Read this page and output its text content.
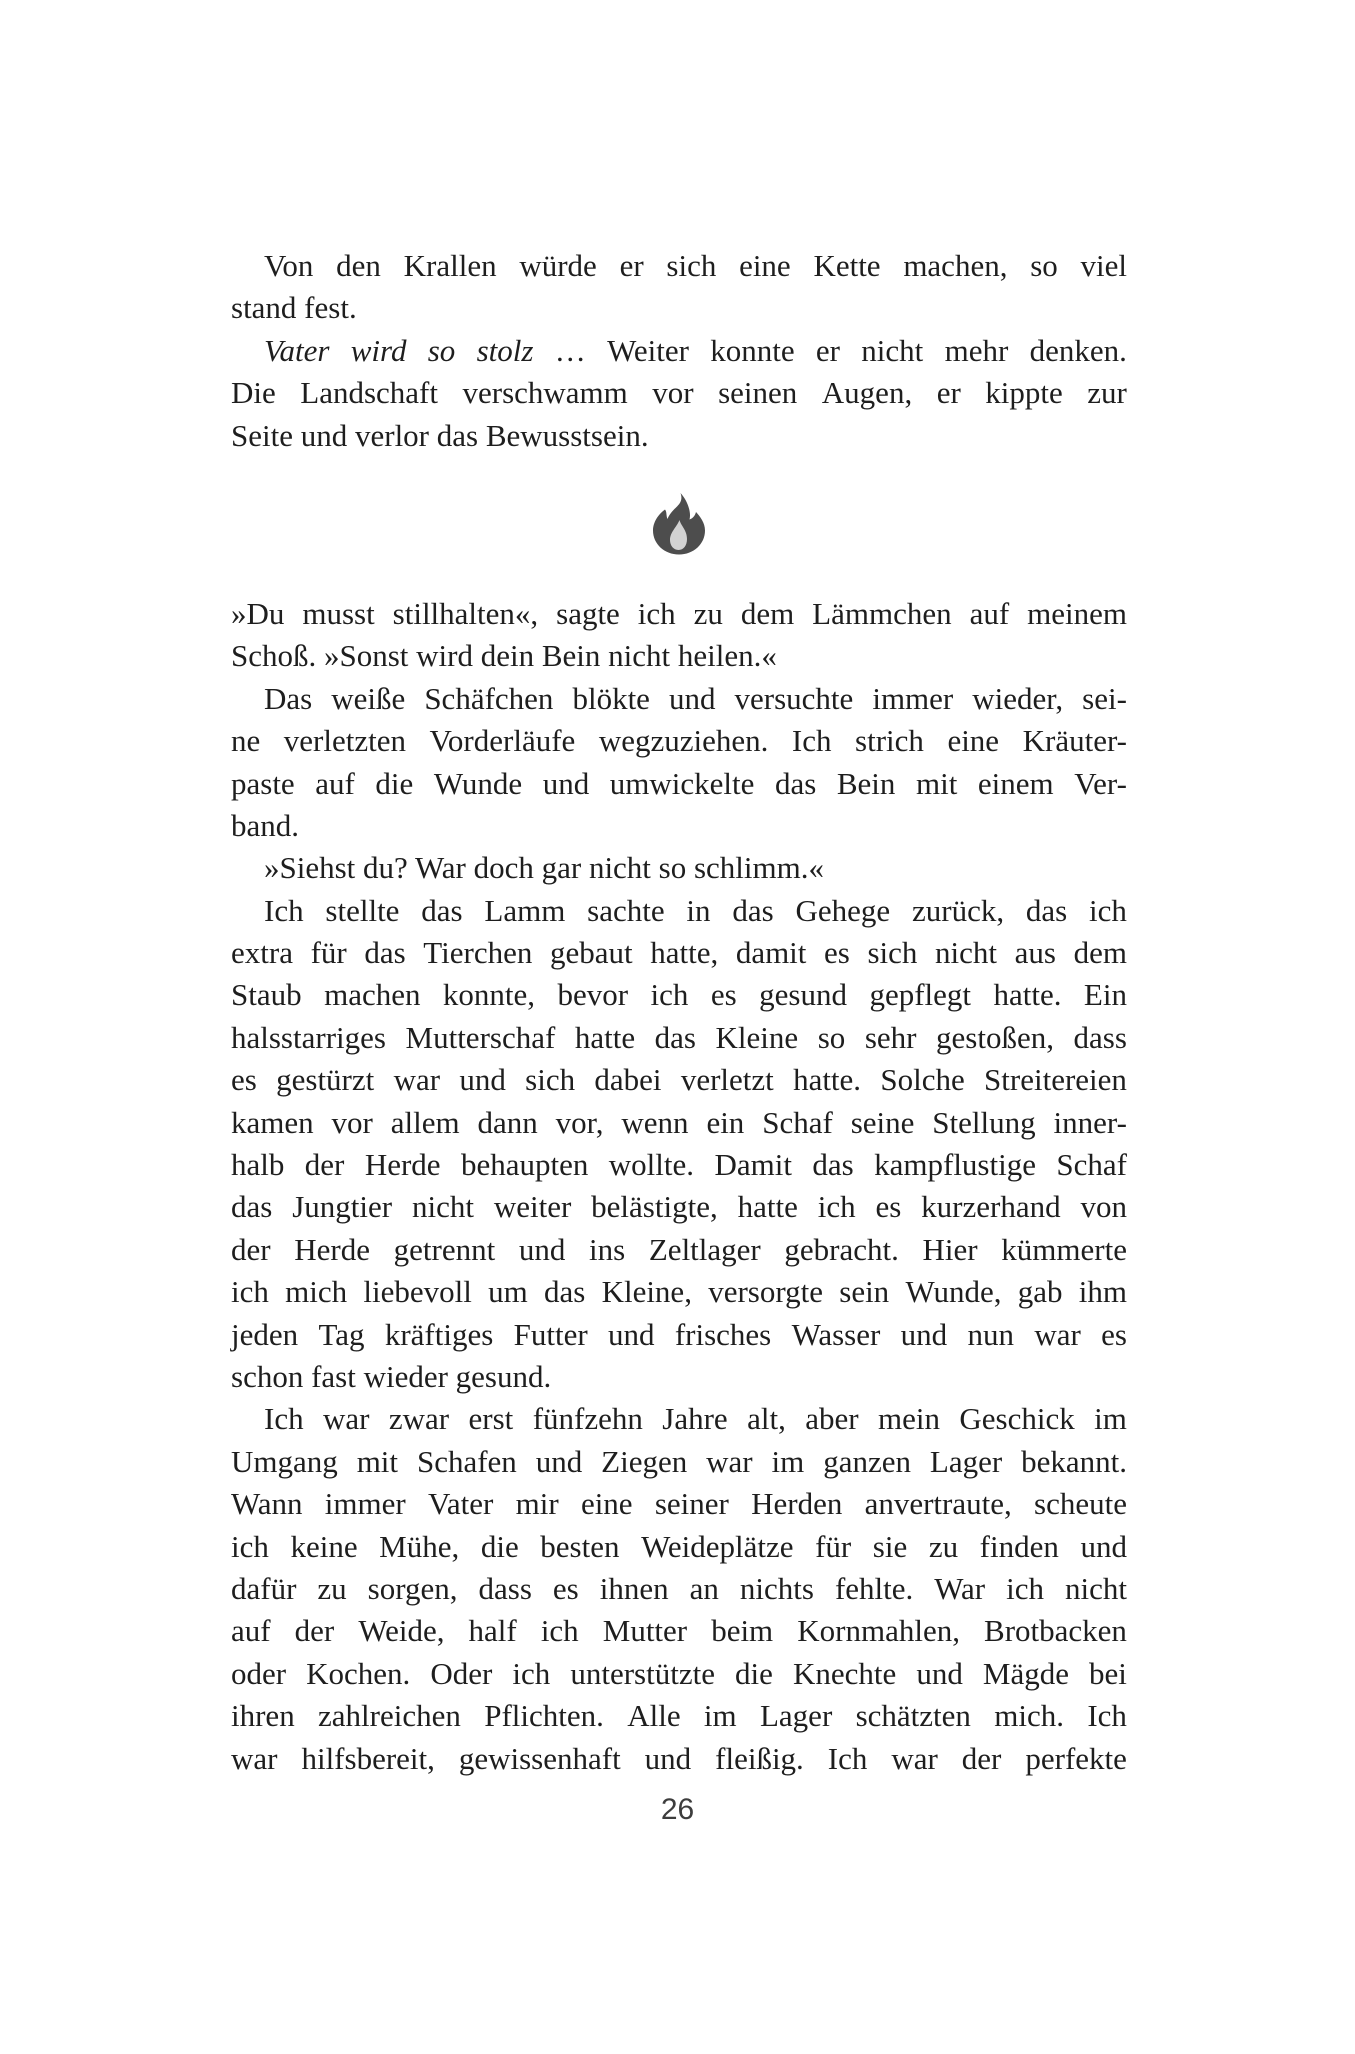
Von den Krallen würde er sich eine Kette machen, so viel
stand fest.
Vater wird so stolz … Weiter konnte er nicht mehr denken.
Die Landschaft verschwamm vor seinen Augen, er kippte zur
Seite und verlor das Bewusstsein.
»Du musst stillhalten«, sagte ich zu dem Lämmchen auf meinem
Schoß. »Sonst wird dein Bein nicht heilen.«
Das weiße Schäfchen blökte und versuchte immer wieder, sei-
ne verletzten Vorderläufe wegzuziehen. Ich strich eine Kräuter-
paste auf die Wunde und umwickelte das Bein mit einem Ver-
band.
»Siehst du? War doch gar nicht so schlimm.«
Ich stellte das Lamm sachte in das Gehege zurück, das ich
extra für das Tierchen gebaut hatte, damit es sich nicht aus dem
Staub machen konnte, bevor ich es gesund gepflegt hatte. Ein
halsstarriges Mutterschaf hatte das Kleine so sehr gestoßen, dass
es gestürzt war und sich dabei verletzt hatte. Solche Streitereien
kamen vor allem dann vor, wenn ein Schaf seine Stellung inner-
halb der Herde behaupten wollte. Damit das kampflustige Schaf
das Jungtier nicht weiter belästigte, hatte ich es kurzerhand von
der Herde getrennt und ins Zeltlager gebracht. Hier kümmerte
ich mich liebevoll um das Kleine, versorgte sein Wunde, gab ihm
jeden Tag kräftiges Futter und frisches Wasser und nun war es
schon fast wieder gesund.
Ich war zwar erst fünfzehn Jahre alt, aber mein Geschick im
Umgang mit Schafen und Ziegen war im ganzen Lager bekannt.
Wann immer Vater mir eine seiner Herden anvertraute, scheute
ich keine Mühe, die besten Weideplätze für sie zu finden und
dafür zu sorgen, dass es ihnen an nichts fehlte. War ich nicht
auf der Weide, half ich Mutter beim Kornmahlen, Brotbacken
oder Kochen. Oder ich unterstützte die Knechte und Mägde bei
ihren zahlreichen Pflichten. Alle im Lager schätzten mich. Ich
war hilfsbereit, gewissenhaft und fleißig. Ich war der perfekte
26
